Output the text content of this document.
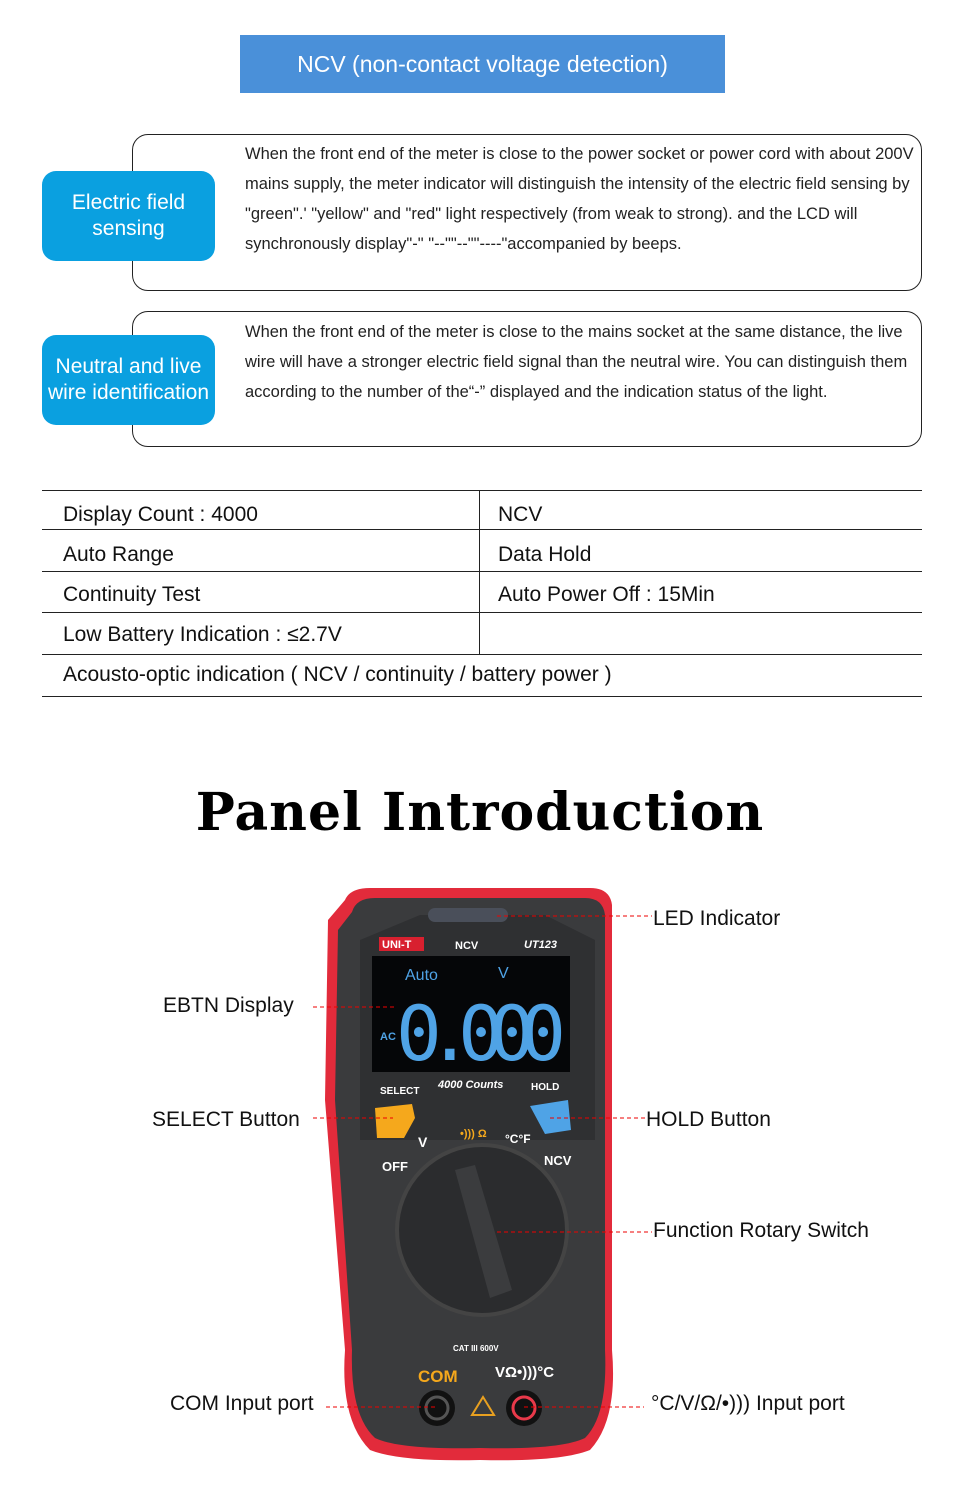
NCV (non-contact voltage detection)

When the front end of the meter is close to the power socket or power cord with about 200V mains supply, the meter indicator will distinguish the intensity of the electric field sensing by "green".' "yellow" and "red" light respectively (from weak to strong). and the LCD will synchronously display"-" "--""--""----"accompanied by beeps.

Electric field sensing

When the front end of the meter is close to the mains socket at the same distance, the live wire will have a stronger electric field signal than the neutral wire. You can distinguish them according to the number of the“-” displayed and the indication status of the light.

Neutral and live wire identification
Display Count : 4000	NCV
Auto Range	Data Hold
Continuity Test	Auto Power Off : 15Min
Low Battery Indication : ≤2.7V
Acousto-optic indication ( NCV / continuity / battery power )
Panel Introduction
UNI-T	NCV	UT123
Auto	V
AC 0.000
4000 Counts
SELECT	HOLD
OFF
V	•))) Ω °C°F
NCV
CAT III 600V
COM VΩ•)))°C
LED Indicator
EBTN Display
SELECT Button	HOLD Button
Function Rotary Switch
COM Input port	°C/V/Ω/•))) Input port
